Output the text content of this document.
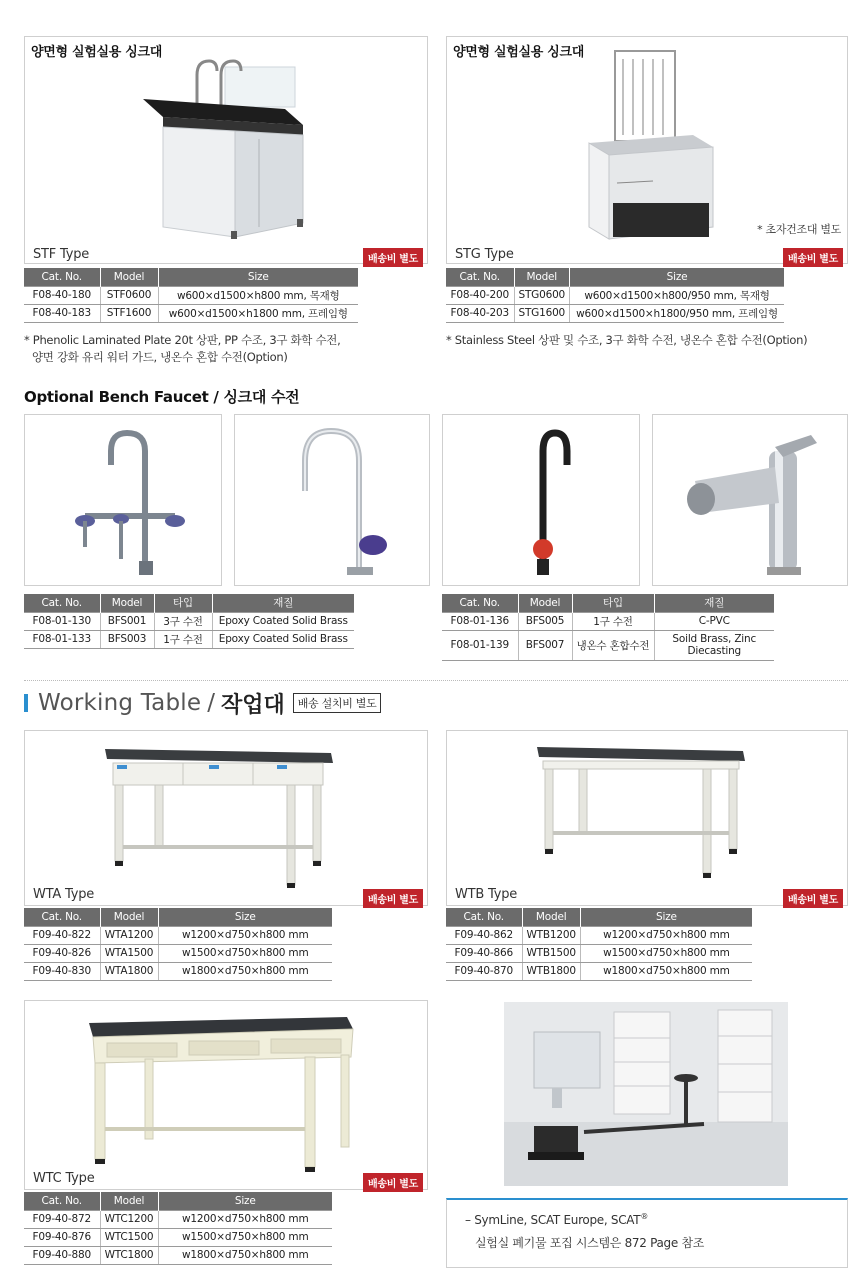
양면형 실험실용 싱크대
STF Type	배송비 별도
Cat. No.	Model	Size
F08-40-180	STF0600	w600×d1500×h800 mm, 목재형
F08-40-183	STF1600	w600×d1500×h1800 mm, 프레임형
* Phenolic Laminated Plate 20t 상판, PP 수조, 3구 화학 수전,
양면 강화 유리 워터 가드, 냉온수 혼합 수전(Option)
양면형 실험실용 싱크대
* 초자건조대 별도
STG Type	배송비 별도
Cat. No.	Model	Size
F08-40-200	STG0600	w600×d1500×h800/950 mm, 목재형
F08-40-203	STG1600	w600×d1500×h1800/950 mm, 프레임형
* Stainless Steel 상판 및 수조, 3구 화학 수전, 냉온수 혼합 수전(Option)
Optional Bench Faucet / 싱크대 수전
Cat. No.	Model	타입	재질
F08-01-130	BFS001	3구 수전	Epoxy Coated Solid Brass
F08-01-133	BFS003	1구 수전	Epoxy Coated Solid Brass
Cat. No.	Model	타입	재질
F08-01-136	BFS005	1구 수전	C-PVC
F08-01-139	BFS007	냉온수 혼합수전	Soild Brass, Zinc
Diecasting
Working Table / 작업대	배송 설치비 별도
WTA Type	배송비 별도
Cat. No.	Model	Size
F09-40-822	WTA1200	w1200×d750×h800 mm
F09-40-826	WTA1500	w1500×d750×h800 mm
F09-40-830	WTA1800	w1800×d750×h800 mm
WTB Type	배송비 별도
Cat. No.	Model	Size
F09-40-862	WTB1200	w1200×d750×h800 mm
F09-40-866	WTB1500	w1500×d750×h800 mm
F09-40-870	WTB1800	w1800×d750×h800 mm
WTC Type	배송비 별도
Cat. No.	Model	Size
F09-40-872	WTC1200	w1200×d750×h800 mm
F09-40-876	WTC1500	w1500×d750×h800 mm
F09-40-880	WTC1800	w1800×d750×h800 mm
– SymLine, SCAT Europe, SCAT®
실험실 폐기물 포집 시스템은 872 Page 참조
